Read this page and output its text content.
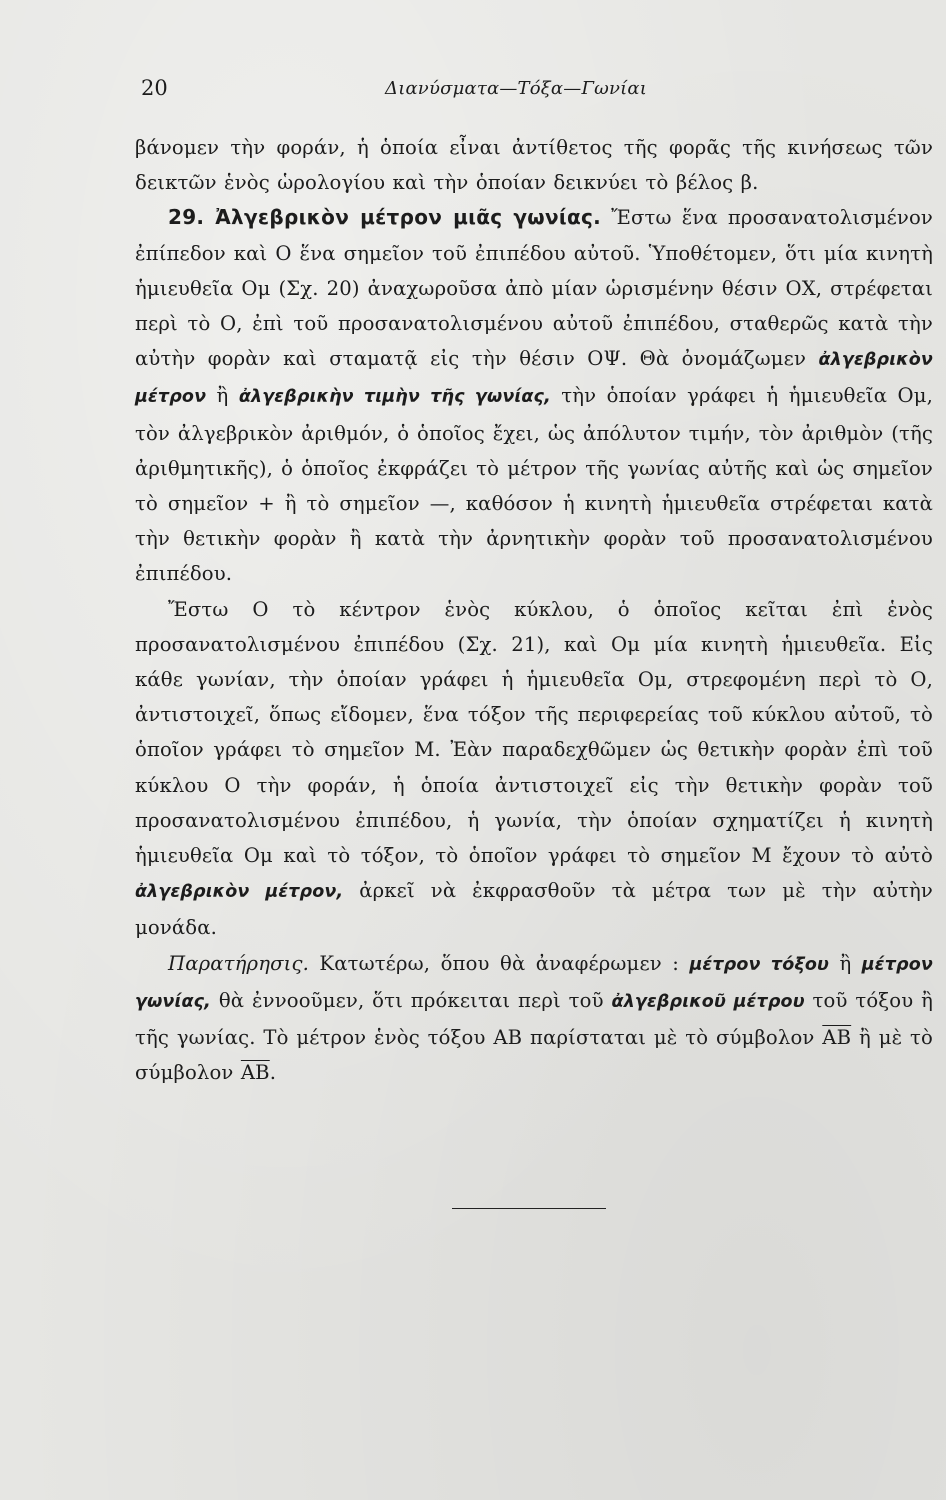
20	Διανύσματα—Τόξα—Γωνίαι

βάνομεν τὴν φοράν, ἡ ὁποία εἶναι ἀντίθετος τῆς φορᾶς τῆς κινήσεως τῶν δεικτῶν ἑνὸς ὡρολογίου καὶ τὴν ὁποίαν δεικνύει τὸ βέλος β.

29. Ἀλγεβρικὸν μέτρον μιᾶς γωνίας. Ἔστω ἕνα προσανατολισμένον ἐπίπεδον καὶ Ο ἕνα σημεῖον τοῦ ἐπιπέδου αὐτοῦ. Ὑποθέτομεν, ὅτι μία κινητὴ ἡμιευθεῖα Ομ (Σχ. 20) ἀναχωροῦσα ἀπὸ μίαν ὡρισμένην θέσιν ΟΧ, στρέφεται περὶ τὸ Ο, ἐπὶ τοῦ προσανατολισμένου αὐτοῦ ἐπιπέδου, σταθερῶς κατὰ τὴν αὐτὴν φορὰν καὶ σταματᾷ εἰς τὴν θέσιν ΟΨ. Θὰ ὀνομάζωμεν ἀλγεβρικὸν μέτρον ἢ ἀλγεβρικὴν τιμὴν τῆς γωνίας, τὴν ὁποίαν γράφει ἡ ἡμιευθεῖα Ομ, τὸν ἀλγεβρικὸν ἀριθμόν, ὁ ὁποῖος ἔχει, ὡς ἀπόλυτον τιμήν, τὸν ἀριθμὸν (τῆς ἀριθμητικῆς), ὁ ὁποῖος ἐκφράζει τὸ μέτρον τῆς γωνίας αὐτῆς καὶ ὡς σημεῖον τὸ σημεῖον + ἢ τὸ σημεῖον —, καθόσον ἡ κινητὴ ἡμιευθεῖα στρέφεται κατὰ τὴν θετικὴν φορὰν ἢ κατὰ τὴν ἀρνητικὴν φορὰν τοῦ προσανατολισμένου ἐπιπέδου.

Ἔστω Ο τὸ κέντρον ἑνὸς κύκλου, ὁ ὁποῖος κεῖται ἐπὶ ἑνὸς προσανατολισμένου ἐπιπέδου (Σχ. 21), καὶ Ομ μία κινητὴ ἡμιευθεῖα. Εἰς κάθε γωνίαν, τὴν ὁποίαν γράφει ἡ ἡμιευθεῖα Ομ, στρεφομένη περὶ τὸ Ο, ἀντιστοιχεῖ, ὅπως εἴδομεν, ἕνα τόξον τῆς περιφερείας τοῦ κύκλου αὐτοῦ, τὸ ὁποῖον γράφει τὸ σημεῖον Μ. Ἐὰν παραδεχθῶμεν ὡς θετικὴν φορὰν ἐπὶ τοῦ κύκλου Ο τὴν φοράν, ἡ ὁποία ἀντιστοιχεῖ εἰς τὴν θετικὴν φορὰν τοῦ προσανατολισμένου ἐπιπέδου, ἡ γωνία, τὴν ὁποίαν σχηματίζει ἡ κινητὴ ἡμιευθεῖα Ομ καὶ τὸ τόξον, τὸ ὁποῖον γράφει τὸ σημεῖον Μ ἔχουν τὸ αὐτὸ ἀλγεβρικὸν μέτρον, ἀρκεῖ νὰ ἐκφρασθοῦν τὰ μέτρα των μὲ τὴν αὐτὴν μονάδα.

Παρατήρησις. Κατωτέρω, ὅπου θὰ ἀναφέρωμεν : μέτρον τόξου ἢ μέτρον γωνίας, θὰ ἐννοοῦμεν, ὅτι πρόκειται περὶ τοῦ ἀλγεβρικοῦ μέτρου τοῦ τόξου ἢ τῆς γωνίας. Τὸ μέτρον ἑνὸς τόξου ΑΒ παρίσταται μὲ τὸ σύμβολον $\overline{AB}$ ἢ μὲ τὸ σύμβολον $\overline{AB}$.
